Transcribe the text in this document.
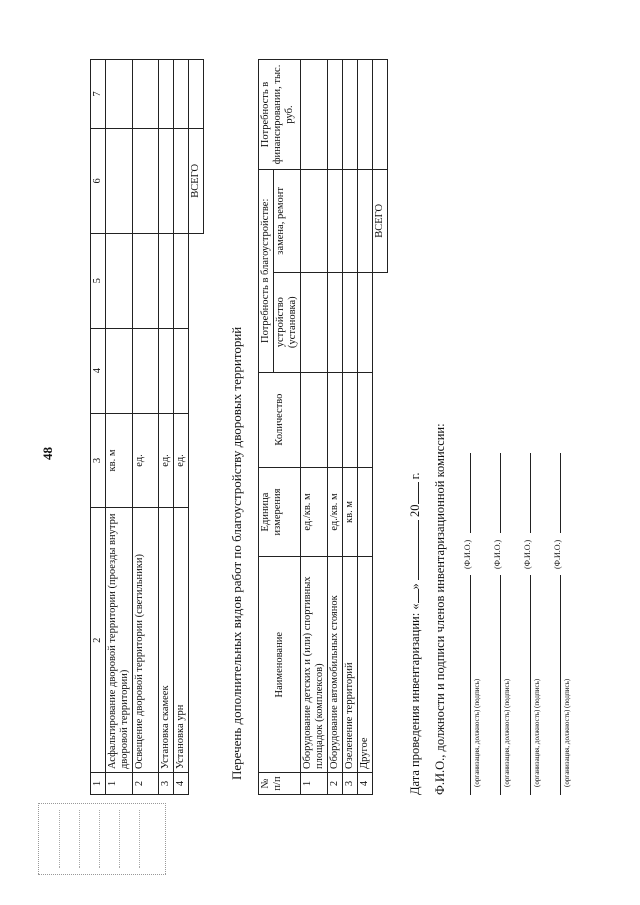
48
1	2	3	4	5	6	7
1	Асфальтирование дворовой территории (проезды внутри дворовой территории)	кв. м				
2	Освещение дворовой территории (светильники)	ед.				
3	Установка скамеек	ед.				
4	Установка урн	ед.				
					ВСЕГО	
Перечень дополнительных видов работ по благоустройству дворовых территорий
№ п/п	Наименование	Единица измерения	Количество	Потребность в благоустройстве:		Потребность в финансировании, тыс. руб.
				устройство (установка)	замена, ремонт	
1	Оборудование детских и (или) спортивных площадок (комплексов)	ед./кв. м				
2	Оборудование автомобильных стоянок	ед./кв. м				
3	Озеленение территорий	кв. м				
4	Другое					
					ВСЕГО	
Дата проведения инвентаризации: «»  20 г. Ф.И.О., должности и подписи членов инвентаризационной комиссии:	(организация, должность) (подпись)
(Ф.И.О.)
(организация, должность) (подпись)
(Ф.И.О.)
(организация, должность) (подпись)
(Ф.И.О.)
(организация, должность) (подпись)
(Ф.И.О.)
